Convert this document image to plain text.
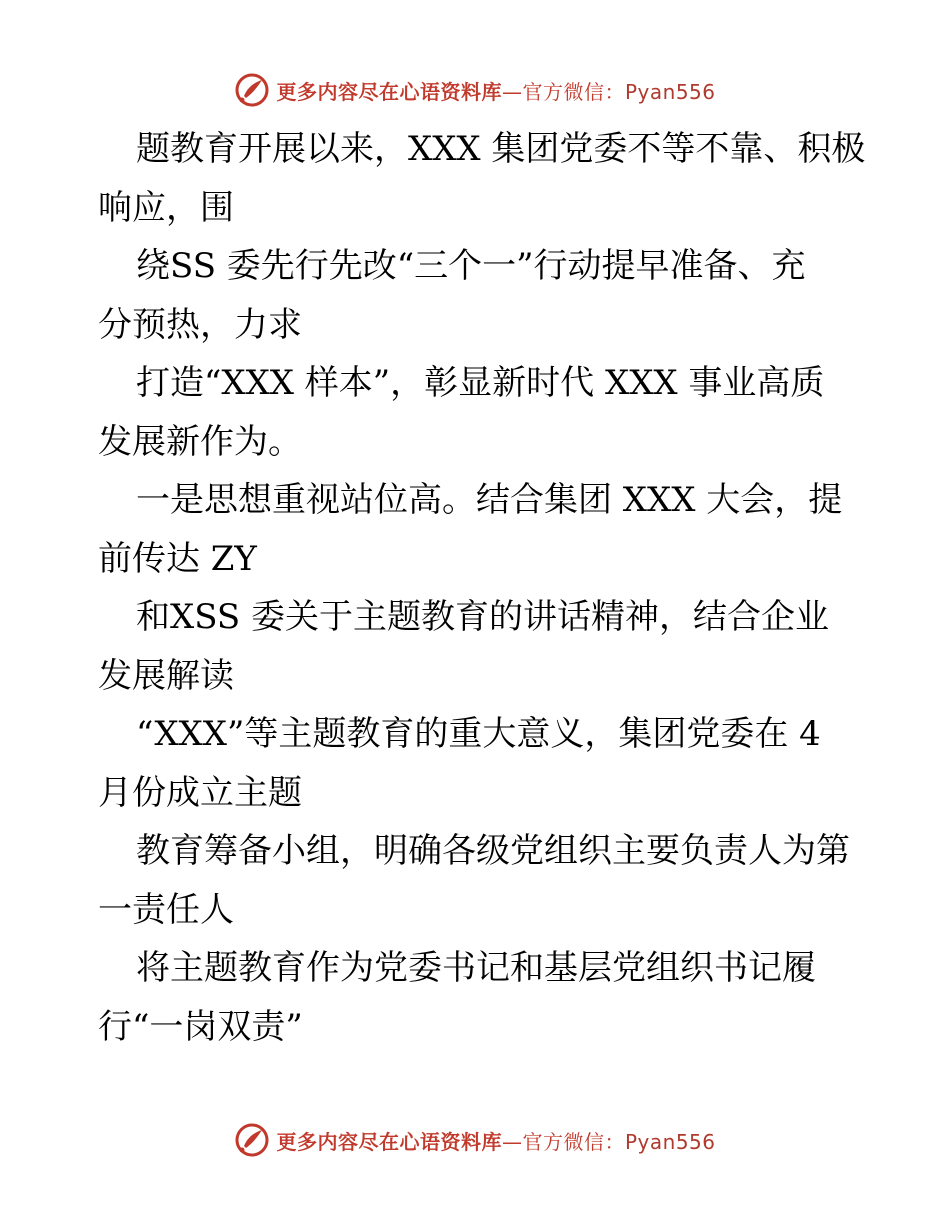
更多内容尽在心语资料库—官方微信：Pyan556
题教育开展以来，XXX 集团党委不等不靠、积极
响应，围
绕SS 委先行先改“三个一”行动提早准备、充
分预热，力求
打造“XXX 样本”，彰显新时代 XXX 事业高质
发展新作为。
一是思想重视站位高。结合集团 XXX 大会，提
前传达 ZY
和XSS 委关于主题教育的讲话精神，结合企业
发展解读
“XXX”等主题教育的重大意义，集团党委在 4
月份成立主题
教育筹备小组，明确各级党组织主要负责人为第
一责任人
将主题教育作为党委书记和基层党组织书记履
行“一岗双责”
更多内容尽在心语资料库—官方微信：Pyan556
